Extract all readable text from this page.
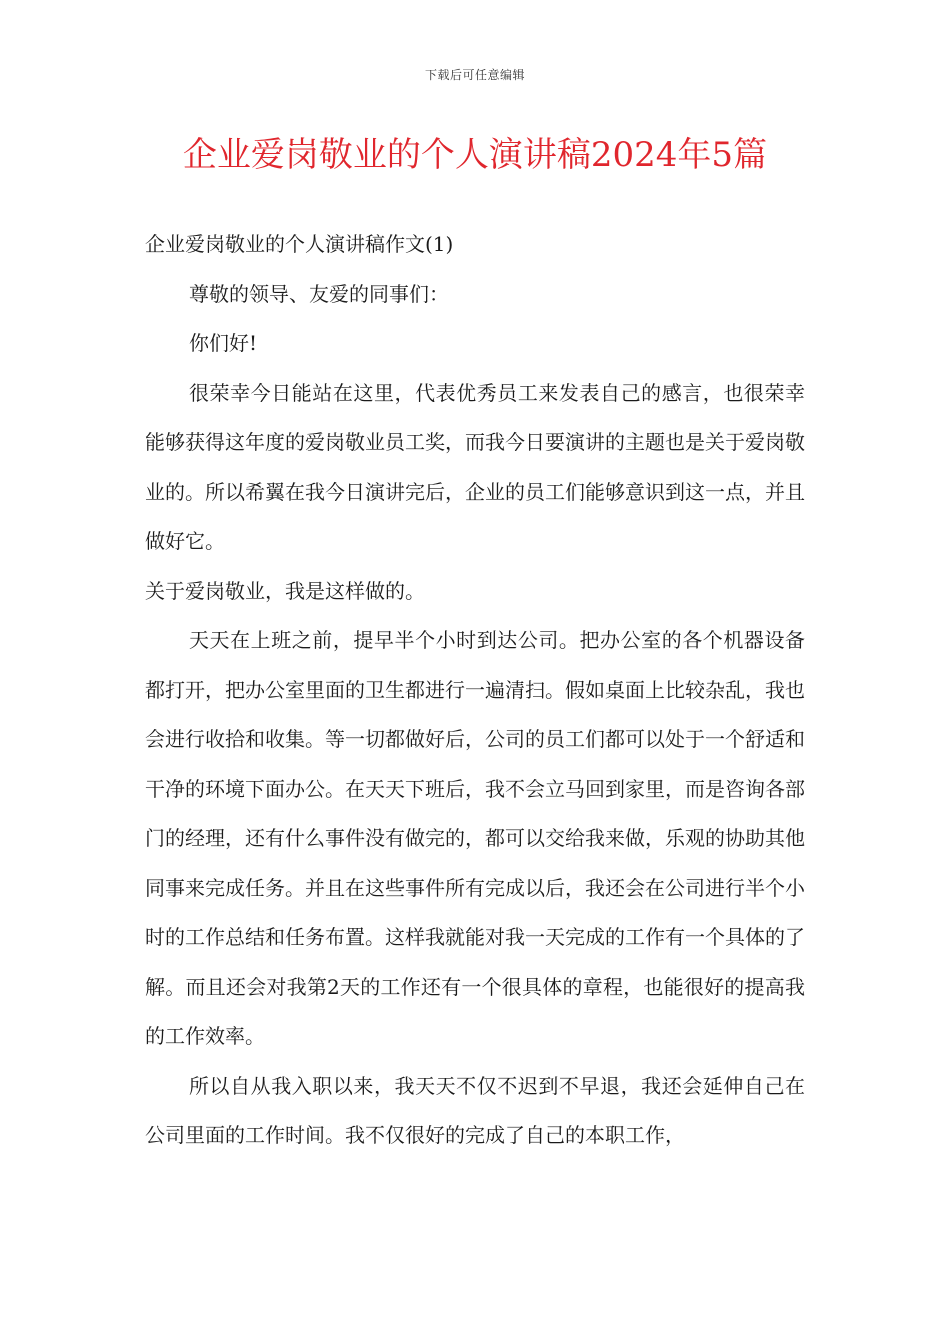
下载后可任意编辑
企业爱岗敬业的个人演讲稿2024年5篇

企业爱岗敬业的个人演讲稿作文(1)

尊敬的领导、友爱的同事们：

你们好!

很荣幸今日能站在这里，代表优秀员工来发表自己的感言，也很荣幸能够获得这年度的爱岗敬业员工奖，而我今日要演讲的主题也是关于爱岗敬业的。所以希翼在我今日演讲完后，企业的员工们能够意识到这一点，并且做好它。

关于爱岗敬业，我是这样做的。

天天在上班之前，提早半个小时到达公司。把办公室的各个机器设备都打开，把办公室里面的卫生都进行一遍清扫。假如桌面上比较杂乱，我也会进行收拾和收集。等一切都做好后，公司的员工们都可以处于一个舒适和干净的环境下面办公。在天天下班后，我不会立马回到家里，而是咨询各部门的经理，还有什么事件没有做完的，都可以交给我来做，乐观的协助其他同事来完成任务。并且在这些事件所有完成以后，我还会在公司进行半个小时的工作总结和任务布置。这样我就能对我一天完成的工作有一个具体的了解。而且还会对我第2天的工作还有一个很具体的章程，也能很好的提高我的工作效率。

所以自从我入职以来，我天天不仅不迟到不早退，我还会延伸自己在公司里面的工作时间。我不仅很好的完成了自己的本职工作，
